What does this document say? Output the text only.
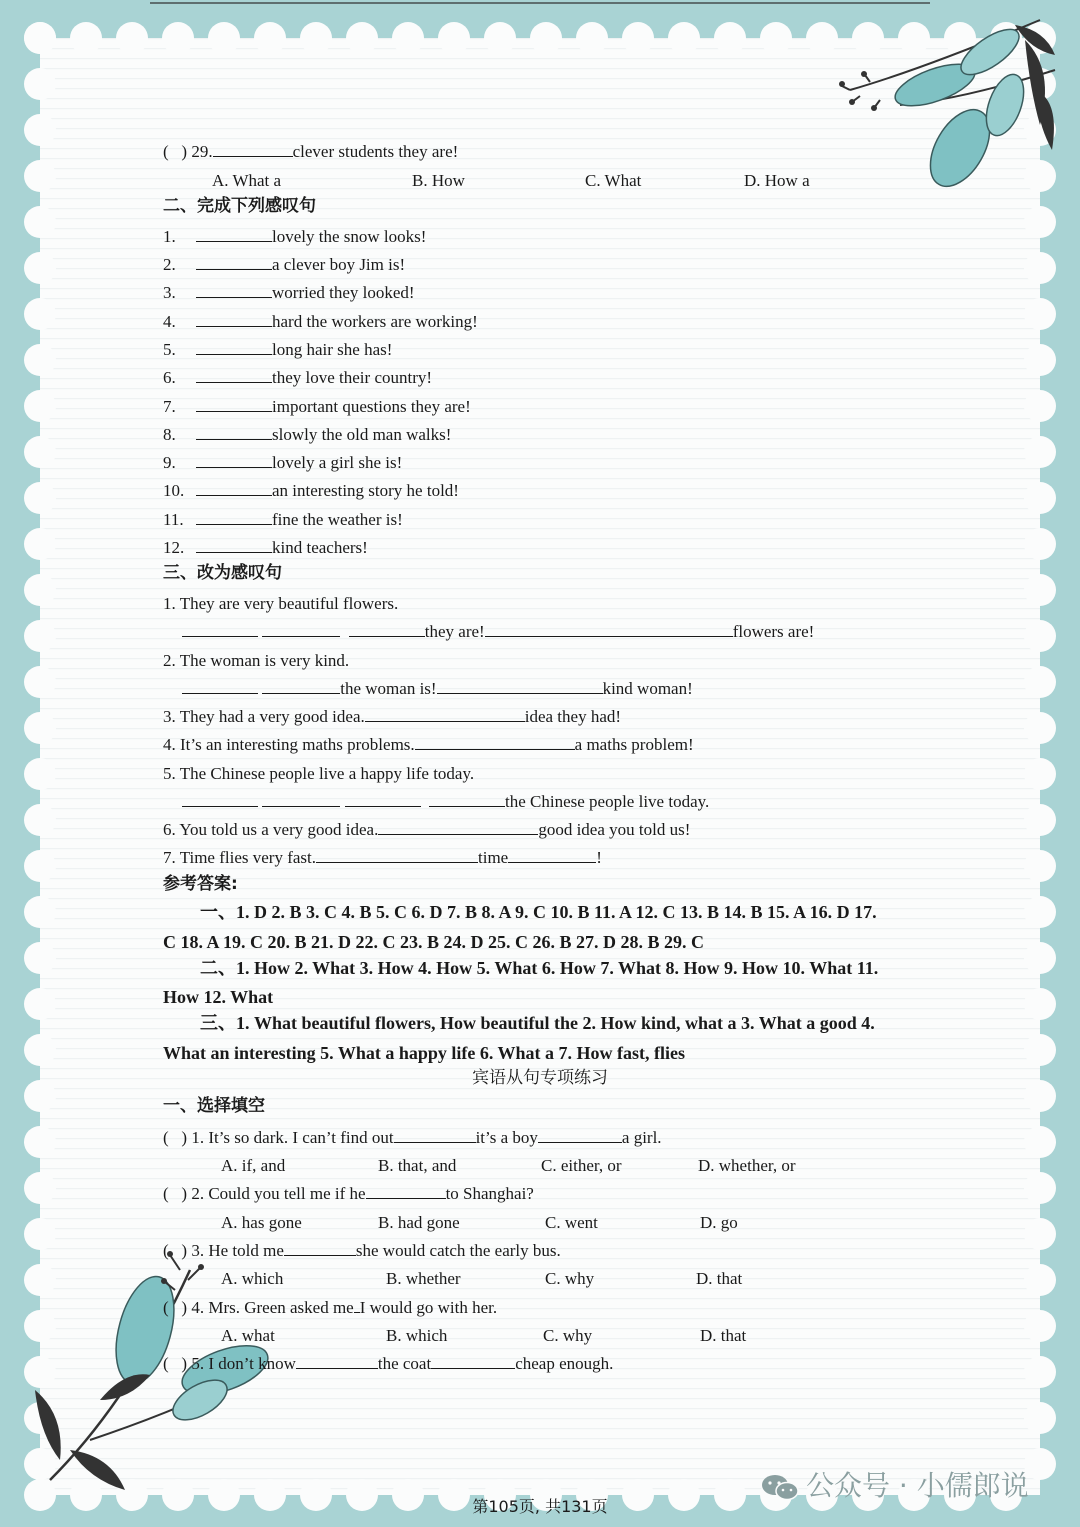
( ) 29.	clever students they are!
A. What a	B. How	C. What	D. How a
二、完成下列感叹句
1.	lovely the snow looks!
2.	a clever boy Jim is!
3.	worried they looked!
4.	hard the workers are working!
5.	long hair she has!
6.	they love their country!
7.	important questions they are!
8.	slowly the old man walks!
9.	lovely a girl she is!
10.	an interesting story he told!
11.	fine the weather is!
12.	kind teachers!
三、改为感叹句
1. They are very beautiful flowers.
they are!	flowers are!
2. The woman is very kind.
the woman is!	kind woman!
3. They had a very good idea.	idea they had!
4. It’s an interesting maths problems.	a maths problem!
5. The Chinese people live a happy life today.
the Chinese people live today.
6. You told us a very good idea.	good idea you told us!
7. Time flies very fast.	time	!
参考答案:
一、1. D 2. B 3. C 4. B 5. C 6. D 7. B 8. A 9. C 10. B 11. A 12. C 13. B 14. B 15. A 16. D 17.
C 18. A 19. C 20. B 21. D 22. C 23. B 24. D 25. C 26. B 27. D 28. B 29. C
二、1. How 2. What 3. How 4. How 5. What 6. How 7. What 8. How 9. How 10. What 11.
How 12. What
三、1. What beautiful flowers, How beautiful the 2. How kind, what a 3. What a good 4.
What an interesting 5. What a happy life 6. What a 7. How fast, flies
宾语从句专项练习
一、选择填空
(   ) 1. It’s so dark. I can’t find out	it’s a boy	a girl.
A. if, and	B. that, and	C. either, or	D. whether, or
(   ) 2. Could you tell me if he	to Shanghai?
A. has gone	B. had gone	C. went	D. go
(   ) 3. He told me	she would catch the early bus.
A. which	B. whether	C. why	D. that
(   ) 4. Mrs. Green asked me I would go with her.
A. what	B. which	C. why	D. that
(   ) 5. I don’t know	the coat	cheap enough.
第105页, 共131页
公众号 · 小儒郎说
